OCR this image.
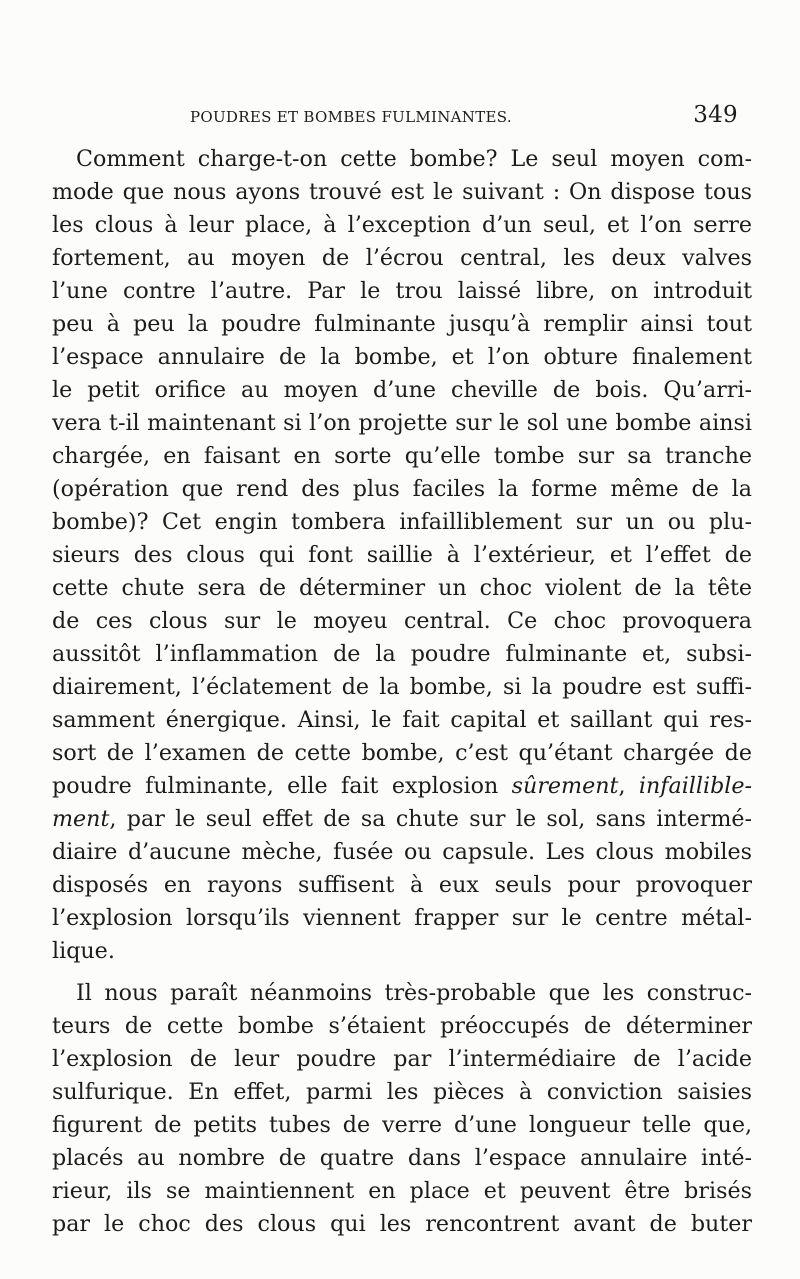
POUDRES ET BOMBES FULMINANTES.	349
Comment charge-t-on cette bombe? Le seul moyen com-
mode que nous ayons trouvé est le suivant : On dispose tous
les clous à leur place, à l’exception d’un seul, et l’on serre
fortement, au moyen de l’écrou central, les deux valves
l’une contre l’autre. Par le trou laissé libre, on introduit
peu à peu la poudre fulminante jusqu’à remplir ainsi tout
l’espace annulaire de la bombe, et l’on obture finalement
le petit orifice au moyen d’une cheville de bois. Qu’arri-
vera t-il maintenant si l’on projette sur le sol une bombe ainsi
chargée, en faisant en sorte qu’elle tombe sur sa tranche
(opération que rend des plus faciles la forme même de la
bombe)? Cet engin tombera infailliblement sur un ou plu-
sieurs des clous qui font saillie à l’extérieur, et l’effet de
cette chute sera de déterminer un choc violent de la tête
de ces clous sur le moyeu central. Ce choc provoquera
aussitôt l’inflammation de la poudre fulminante et, subsi-
diairement, l’éclatement de la bombe, si la poudre est suffi-
samment énergique. Ainsi, le fait capital et saillant qui res-
sort de l’examen de cette bombe, c’est qu’étant chargée de
poudre fulminante, elle fait explosion sûrement, infaillible-
ment, par le seul effet de sa chute sur le sol, sans intermé-
diaire d’aucune mèche, fusée ou capsule. Les clous mobiles
disposés en rayons suffisent à eux seuls pour provoquer
l’explosion lorsqu’ils viennent frapper sur le centre métal-
lique.
Il nous paraît néanmoins très-probable que les construc-
teurs de cette bombe s’étaient préoccupés de déterminer
l’explosion de leur poudre par l’intermédiaire de l’acide
sulfurique. En effet, parmi les pièces à conviction saisies
figurent de petits tubes de verre d’une longueur telle que,
placés au nombre de quatre dans l’espace annulaire inté-
rieur, ils se maintiennent en place et peuvent être brisés
par le choc des clous qui les rencontrent avant de buter
